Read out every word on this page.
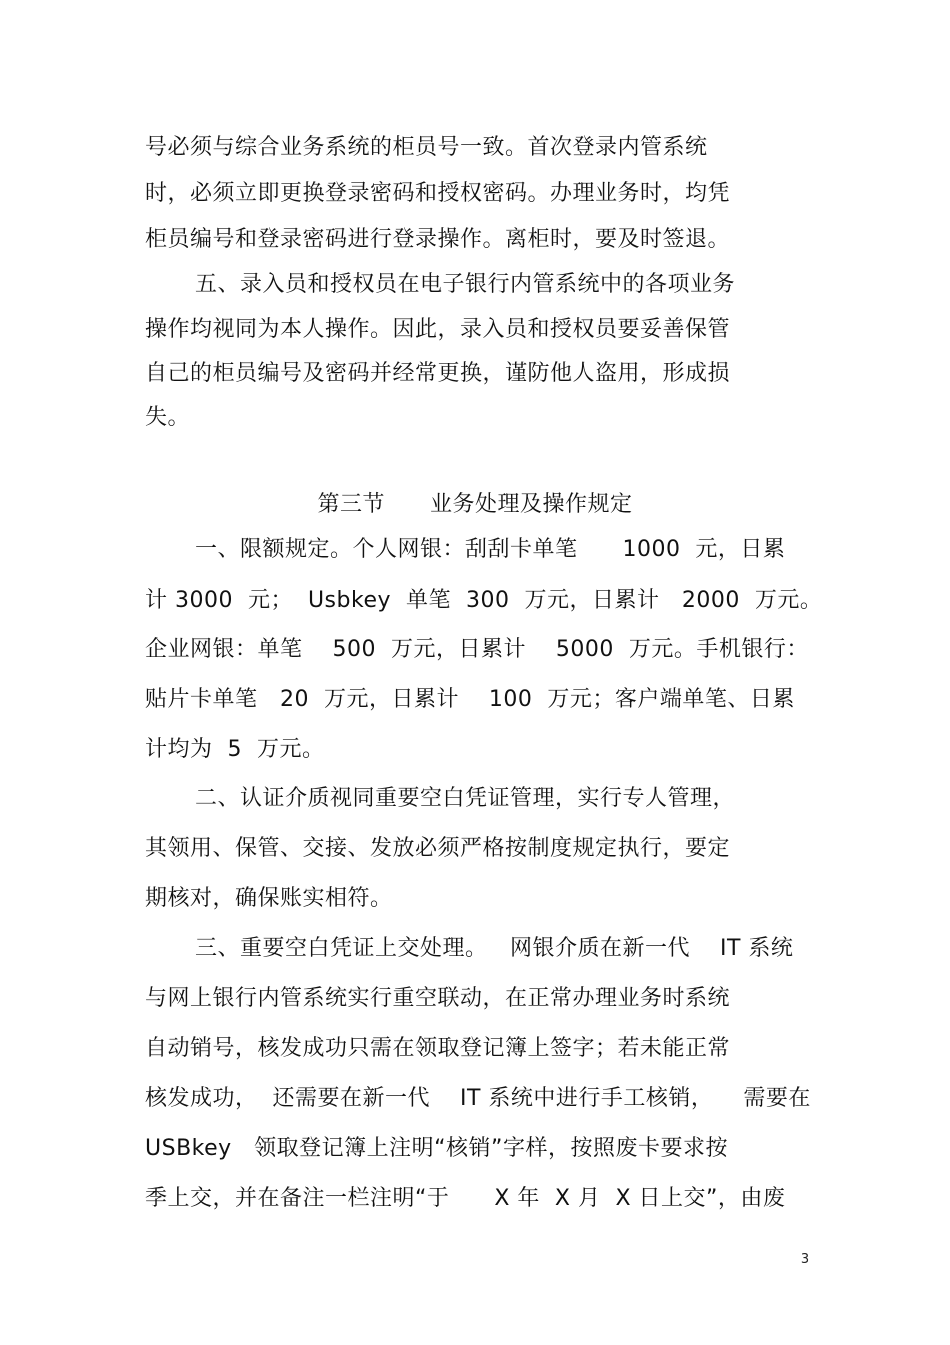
号必须与综合业务系统的柜员号一致。首次登录内管系统
时，必须立即更换登录密码和授权密码。办理业务时，均凭
柜员编号和登录密码进行登录操作。离柜时，要及时签退。
五、录入员和授权员在电子银行内管系统中的各项业务
操作均视同为本人操作。因此，录入员和授权员要妥善保管
自己的柜员编号及密码并经常更换，谨防他人盗用，形成损
失。
第三节      业务处理及操作规定
一、限额规定。个人网银：刮刮卡单笔      1000  元，日累
计 3000  元；  Usbkey  单笔  300  万元，日累计   2000  万元。
企业网银：单笔    500  万元，日累计    5000  万元。手机银行：
贴片卡单笔   20  万元，日累计    100  万元；客户端单笔、日累
计均为  5  万元。
二、认证介质视同重要空白凭证管理，实行专人管理，
其领用、保管、交接、发放必须严格按制度规定执行，要定
期核对，确保账实相符。
三、重要空白凭证上交处理。   网银介质在新一代    IT 系统
与网上银行内管系统实行重空联动，在正常办理业务时系统
自动销号，核发成功只需在领取登记簿上签字；若未能正常
核发成功，  还需要在新一代    IT 系统中进行手工核销，    需要在
USBkey   领取登记簿上注明“核销”字样，按照废卡要求按
季上交，并在备注一栏注明“于      X 年  X 月  X 日上交”，由废
3
